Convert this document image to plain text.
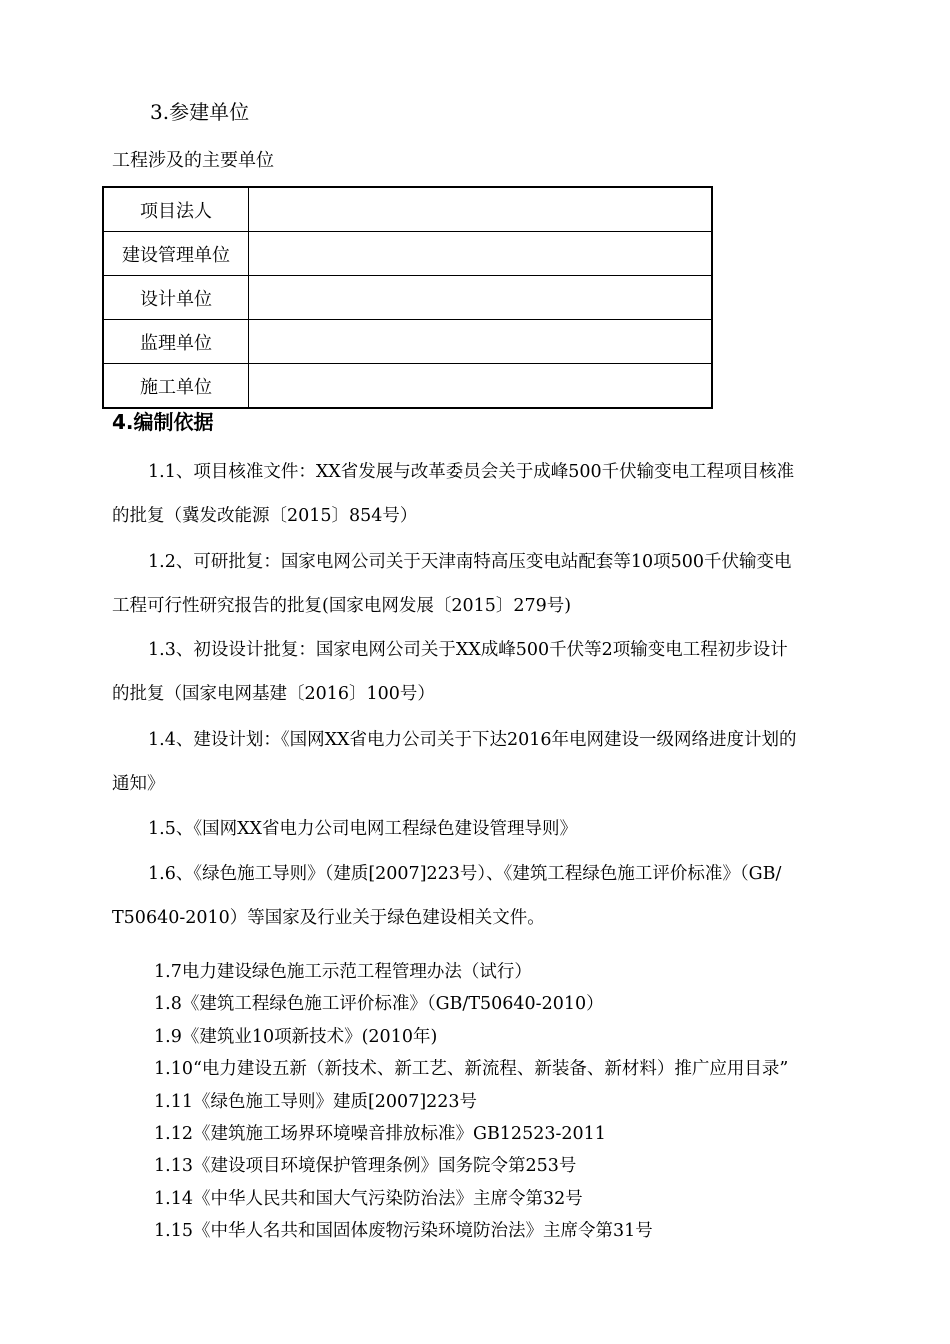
3.参建单位
工程涉及的主要单位
项目法人	
建设管理单位	
设计单位	
监理单位	
施工单位	
4.编制依据
1.1、项目核准文件：XX省发展与改革委员会关于成峰500千伏输变电工程项目核准
的批复（冀发改能源〔2015〕854号）
1.2、可研批复：国家电网公司关于天津南特高压变电站配套等10项500千伏输变电
工程可行性研究报告的批复(国家电网发展〔2015〕279号)
1.3、初设设计批复：国家电网公司关于XX成峰500千伏等2项输变电工程初步设计
的批复（国家电网基建〔2016〕100号）
1.4、建设计划：《国网XX省电力公司关于下达2016年电网建设一级网络进度计划的
通知》
1.5、《国网XX省电力公司电网工程绿色建设管理导则》
1.6、《绿色施工导则》（建质[2007]223号）、《建筑工程绿色施工评价标准》（GB/
T50640-2010）等国家及行业关于绿色建设相关文件。
1.7电力建设绿色施工示范工程管理办法（试行）
1.8《建筑工程绿色施工评价标准》（GB/T50640-2010）
1.9《建筑业10项新技术》(2010年)
1.10“电力建设五新（新技术、新工艺、新流程、新装备、新材料）推广应用目录”
1.11《绿色施工导则》建质[2007]223号
1.12《建筑施工场界环境噪音排放标准》GB12523-2011
1.13《建设项目环境保护管理条例》国务院令第253号
1.14《中华人民共和国大气污染防治法》主席令第32号
1.15《中华人名共和国固体废物污染环境防治法》主席令第31号
